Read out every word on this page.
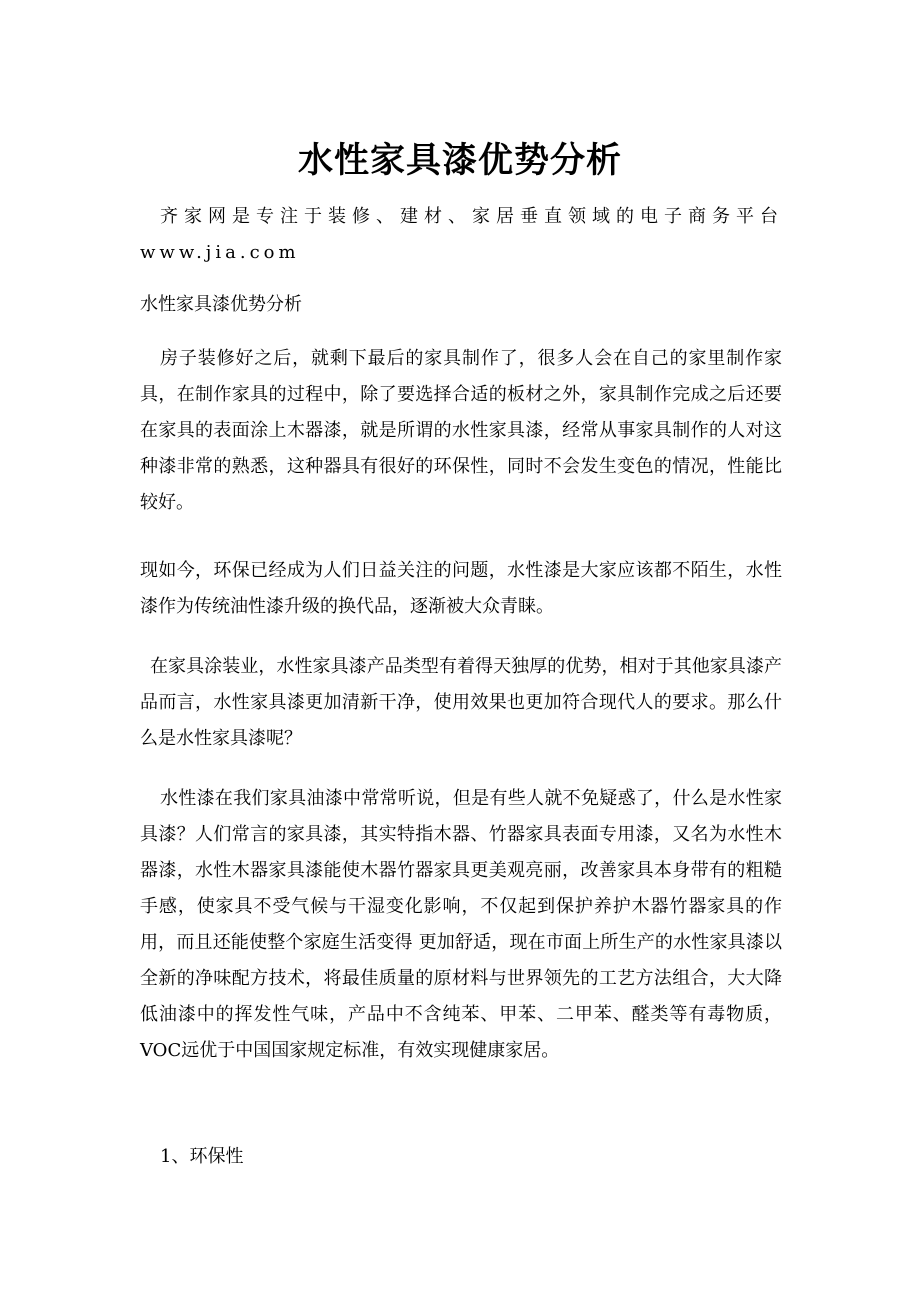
水性家具漆优势分析

齐家网是专注于装修、建材、家居垂直领域的电子商务平台www.jia.com

水性家具漆优势分析

房子装修好之后，就剩下最后的家具制作了，很多人会在自己的家里制作家具，在制作家具的过程中，除了要选择合适的板材之外，家具制作完成之后还要在家具的表面涂上木器漆，就是所谓的水性家具漆，经常从事家具制作的人对这种漆非常的熟悉，这种器具有很好的环保性，同时不会发生变色的情况，性能比较好。

现如今，环保已经成为人们日益关注的问题，水性漆是大家应该都不陌生，水性漆作为传统油性漆升级的换代品，逐渐被大众青睐。

在家具涂装业，水性家具漆产品类型有着得天独厚的优势，相对于其他家具漆产品而言，水性家具漆更加清新干净，使用效果也更加符合现代人的要求。那么什么是水性家具漆呢？

水性漆在我们家具油漆中常常听说，但是有些人就不免疑惑了，什么是水性家具漆？人们常言的家具漆，其实特指木器、竹器家具表面专用漆，又名为水性木器漆，水性木器家具漆能使木器竹器家具更美观亮丽，改善家具本身带有的粗糙手感，使家具不受气候与干湿变化影响，不仅起到保护养护木器竹器家具的作用，而且还能使整个家庭生活变得 更加舒适，现在市面上所生产的水性家具漆以全新的净味配方技术，将最佳质量的原材料与世界领先的工艺方法组合，大大降低油漆中的挥发性气味，产品中不含纯苯、甲苯、二甲苯、醛类等有毒物质，VOC远优于中国国家规定标准，有效实现健康家居。

1、环保性
